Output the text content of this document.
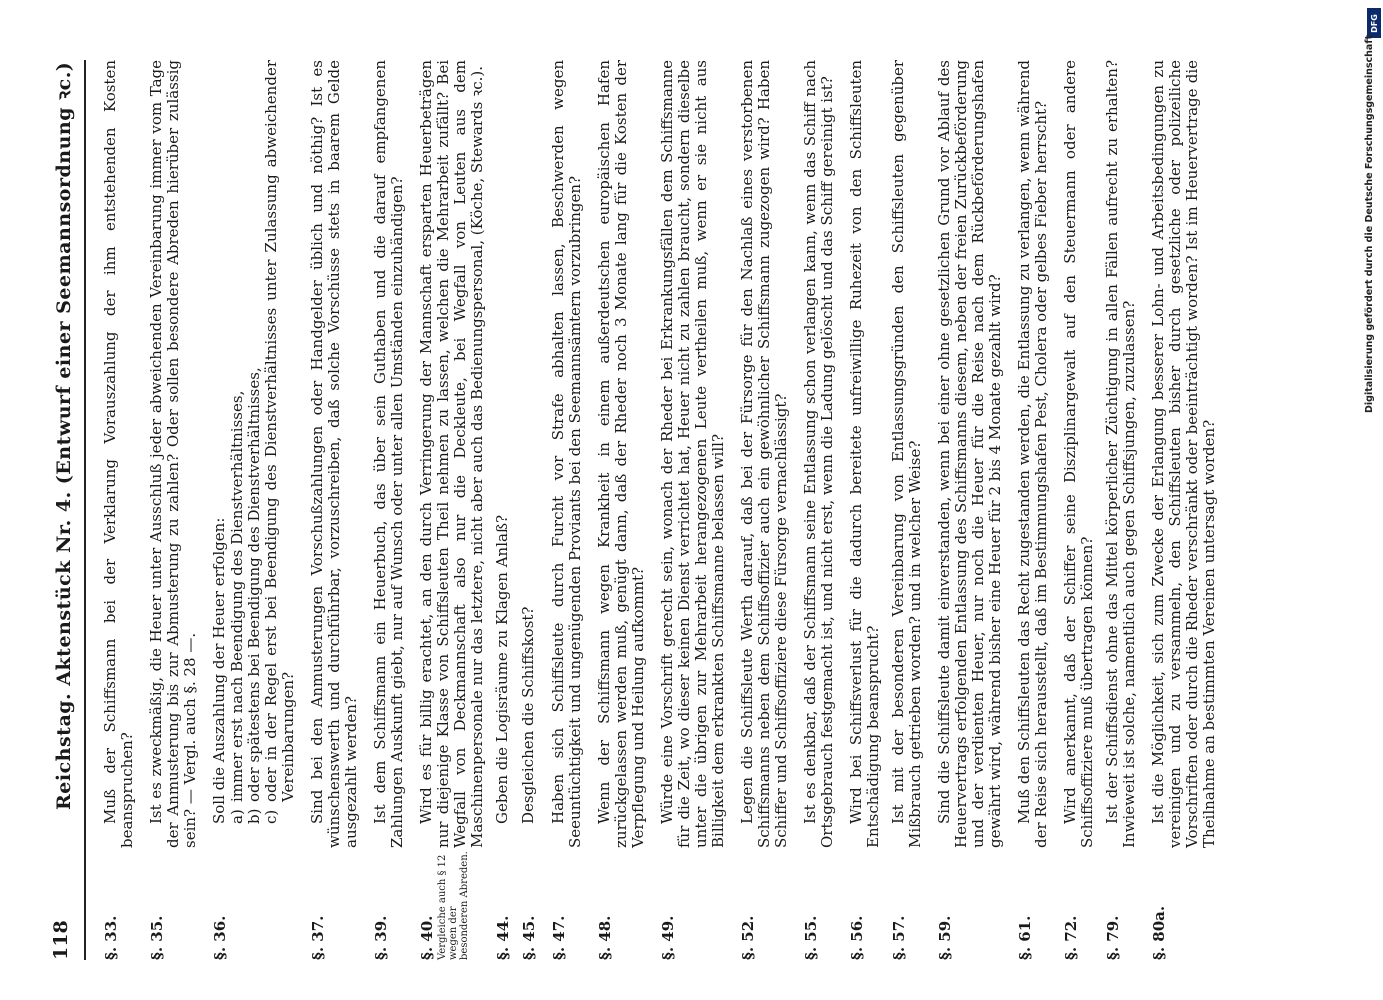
118
Reichstag. Aktenstück Nr. 4. (Entwurf einer Seemannsordnung ꝛc.)
§. 33.

Muß der Schiffsmann bei der Verklarung Vorauszahlung der ihm entstehenden Kosten beanspruchen?

§. 35.

Ist es zweckmäßig, die Heuer unter Ausschluß jeder abweichenden Vereinbarung immer vom Tage der Anmusterung bis zur Abmusterung zu zahlen? Oder sollen besondere Abreden hierüber zulässig sein? — Vergl. auch §. 28 —.

§. 36.

Soll die Auszahlung der Heuer erfolgen: a)
immer erst nach Beendigung des Dienstverhältnisses,
b)
oder spätestens bei Beendigung des Dienstverhältnisses,
c)
oder in der Regel erst bei Beendigung des Dienstverhältnisses unter Zulassung abweichender Vereinbarungen?
§. 37.

Sind bei den Anmusterungen Vorschußzahlungen oder Handgelder üblich und nöthig? Ist es wünschenswerth und durchführbar, vorzuschreiben, daß solche Vorschüsse stets in baarem Gelde ausgezahlt werden?

§. 39.

Ist dem Schiffsmann ein Heuerbuch, das über sein Guthaben und die darauf empfangenen Zahlungen Auskunft giebt, nur auf Wunsch oder unter allen Umständen einzuhändigen?

§. 40. Vergleiche auch § 12 wegen der besonderen Abreden.

Wird es für billig erachtet, an den durch Verringerung der Mannschaft ersparten Heuerbeträgen nur diejenige Klasse von Schiffsleuten Theil nehmen zu lassen, welchen die Mehrarbeit zufällt? Bei Wegfall von Deckmannschaft also nur die Deckleute, bei Wegfall von Leuten aus dem Maschinenpersonale nur das letztere, nicht aber auch das Bedienungspersonal, (Köche, Stewards ꝛc.).

§. 44.

Geben die Logisräume zu Klagen Anlaß?

§. 45.

Desgleichen die Schiffskost?

§. 47.

Haben sich Schiffsleute durch Furcht vor Strafe abhalten lassen, Beschwerden wegen Seeuntüchtigkeit und ungenügenden Proviants bei den Seemannsämtern vorzubringen?

§. 48.

Wenn der Schiffsmann wegen Krankheit in einem außerdeutschen europäischen Hafen zurückgelassen werden muß, genügt dann, daß der Rheder noch 3 Monate lang für die Kosten der Verpflegung und Heilung aufkommt?

§. 49.

Würde eine Vorschrift gerecht sein, wonach der Rheder bei Erkrankungsfällen dem Schiffsmanne für die Zeit, wo dieser keinen Dienst verrichtet hat, Heuer nicht zu zahlen braucht, sondern dieselbe unter die übrigen zur Mehrarbeit herangezogenen Leute vertheilen muß, wenn er sie nicht aus Billigkeit dem erkrankten Schiffsmanne belassen will?

§. 52.

Legen die Schiffsleute Werth darauf, daß bei der Fürsorge für den Nachlaß eines verstorbenen Schiffsmanns neben dem Schiffsoffizier auch ein gewöhnlicher Schiffsmann zugezogen wird? Haben Schiffer und Schiffsoffiziere diese Fürsorge vernachlässigt?

§. 55.

Ist es denkbar, daß der Schiffsmann seine Entlassung schon verlangen kann, wenn das Schiff nach Ortsgebrauch festgemacht ist, und nicht erst, wenn die Ladung gelöscht und das Schiff gereinigt ist?

§. 56.

Wird bei Schiffsverlust für die dadurch bereitete unfreiwillige Ruhezeit von den Schiffsleuten Entschädigung beansprucht?

§. 57.

Ist mit der besonderen Vereinbarung von Entlassungsgründen den Schiffsleuten gegenüber Mißbrauch getrieben worden? und in welcher Weise?

§. 59.

Sind die Schiffsleute damit einverstanden, wenn bei einer ohne gesetzlichen Grund vor Ablauf des Heuervertrags erfolgenden Entlassung des Schiffsmanns diesem, neben der freien Zurückbeförderung und der verdienten Heuer, nur noch die Heuer für die Reise nach dem Rückbeförderungshafen gewährt wird, während bisher eine Heuer für 2 bis 4 Monate gezahlt wird?

§. 61.

Muß den Schiffsleuten das Recht zugestanden werden, die Entlassung zu verlangen, wenn während der Reise sich herausstellt, daß im Bestimmungshafen Pest, Cholera oder gelbes Fieber herrscht?

§. 72.

Wird anerkannt, daß der Schiffer seine Disziplinargewalt auf den Steuermann oder andere Schiffsoffiziere muß übertragen können?

§. 79.

Ist der Schiffsdienst ohne das Mittel körperlicher Züchtigung in allen Fällen aufrecht zu erhalten? Inwieweit ist solche, namentlich auch gegen Schiffsjungen, zuzulassen?

§. 80a.

Ist die Möglichkeit, sich zum Zwecke der Erlangung besserer Lohn- und Arbeitsbedingungen zu vereinigen und zu versammeln, den Schiffsleuten bisher durch gesetzliche oder polizeiliche Vorschriften oder durch die Rheder verschränkt oder beeinträchtigt worden? Ist im Heuervertrage die Theilnahme an bestimmten Vereinen untersagt worden?

DFG
Digitalisierung gefördert durch die Deutsche Forschungsgemeinschaft
